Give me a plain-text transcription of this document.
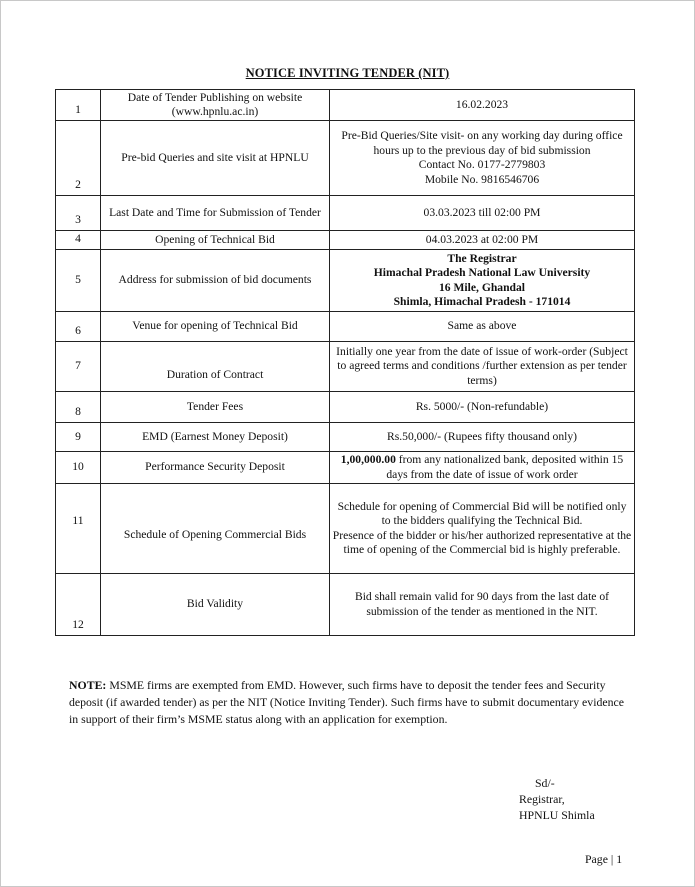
NOTICE INVITING TENDER (NIT)
1	Date of Tender Publishing on website (www.hpnlu.ac.in)	16.02.2023

2	Pre-bid Queries and site visit at HPNLU	Pre-Bid Queries/Site visit- on any working day during office hours up to the previous day of bid submission
Contact No. 0177-2779803
Mobile No. 9816546706

3	Last Date and Time for Submission of Tender	03.03.2023 till 02:00 PM

4	Opening of Technical Bid	04.03.2023 at 02:00 PM

5	Address for submission of bid documents	The Registrar
Himachal Pradesh National Law University
16 Mile, Ghandal
Shimla, Himachal Pradesh - 171014

6	Venue for opening of Technical Bid	Same as above

7	Duration of Contract	Initially one year from the date of issue of work-order (Subject to agreed terms and conditions /further extension as per tender terms)

8	Tender Fees	Rs. 5000/- (Non-refundable)

9	EMD (Earnest Money Deposit)	Rs.50,000/- (Rupees fifty thousand only)

10	Performance Security Deposit	1,00,000.00 from any nationalized bank, deposited within 15 days from the date of issue of work order

11	Schedule of Opening Commercial Bids	Schedule for opening of Commercial Bid will be notified only to the bidders qualifying the Technical Bid.
Presence of the bidder or his/her authorized representative at the time of opening of the Commercial bid is highly preferable.

12	Bid Validity	Bid shall remain valid for 90 days from the last date of submission of the tender as mentioned in the NIT.
NOTE: MSME firms are exempted from EMD. However, such firms have to deposit the tender fees and Security deposit (if awarded tender) as per the NIT (Notice Inviting Tender). Such firms have to submit documentary evidence in support of their firm’s MSME status along with an application for exemption.
Sd/-
Registrar,
HPNLU Shimla
Page | 1
